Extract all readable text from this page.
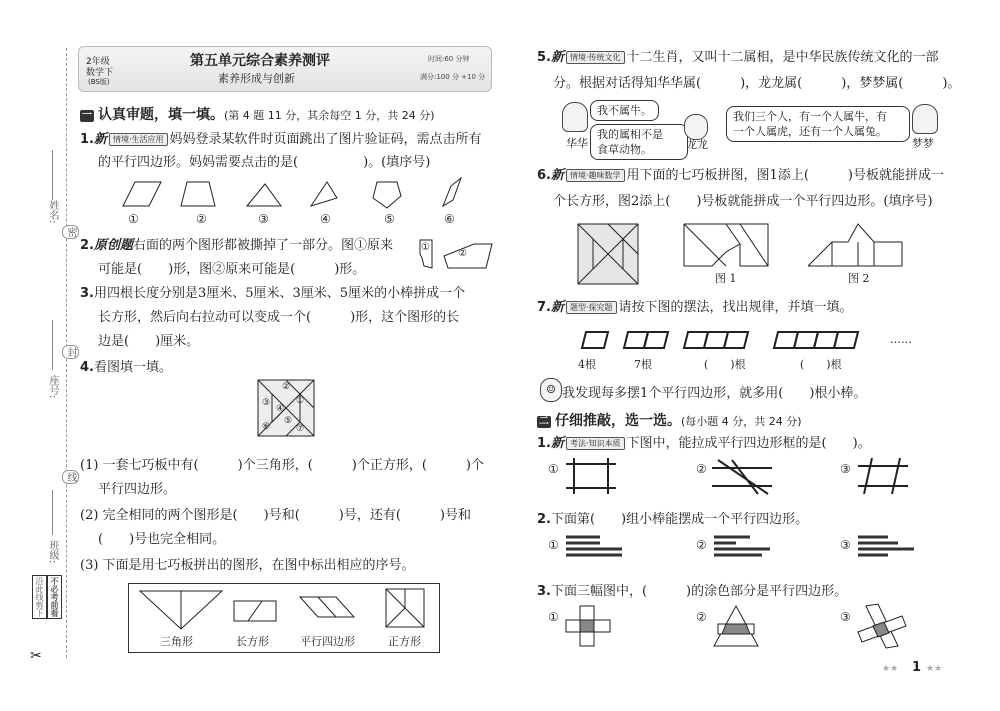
姓名:
密
封
座号:
线
班级:
沿此线剪下 不必考前看
✂
2年级
数学下
(BS版)
第五单元综合素养测评
素养形成与创新
时间:60 分钟
满分:100 分 +10 分
一 认真审题，填一填。(第 4 题 11 分，其余每空 1 分，共 24 分)
1.新 情境·生活应用 妈妈登录某软件时页面跳出了图片验证码，需点击所有
的平行四边形。妈妈需要点击的是(　　　　　)。(填序号)
①	②	③	④	⑤	⑥
2.原创题右面的两个图形都被撕掉了一部分。图①原来
可能是(　　)形，图②原来可能是(　　　)形。
①
②
3.用四根长度分别是3厘米、5厘米、3厘米、5厘米的小棒拼成一个
长方形，然后向右拉动可以变成一个(　　　)形，这个图形的长
边是(　　)厘米。
4.看图填一填。
②
③	①
④
⑤
⑥	⑦
(1) 一套七巧板中有(　　　)个三角形，(　　　)个正方形，(　　　)个
平行四边形。
(2) 完全相同的两个图形是(　　)号和(　　　)号，还有(　　　)号和
(　　)号也完全相同。
(3) 下面是用七巧板拼出的图形，在图中标出相应的序号。
三角形	长方形	平行四边形	正方形
5.新 情境·传统文化 十二生肖，又叫十二属相，是中华民族传统文化的一部
分。根据对话得知华华属(　　　)，龙龙属(　　　)，梦梦属(　　　)。
华华
我不属牛。
我的属相不是
食草动物。	龙龙
我们三个人，有一个人属牛，有
一个人属虎，还有一个人属兔。
梦梦
6.新 情境·趣味数学 用下面的七巧板拼图，图1添上(　　　)号板就能拼成一
个长方形，图2添上(　　)号板就能拼成一个平行四边形。(填序号)
图 1	图 2
7.新 题型·探究题 请按下图的摆法，找出规律，并填一填。
4根	7根	(　　)根	(　　)根
……
☺ 我发现每多摆1个平行四边形，就多用(　　)根小棒。
二 仔细推敲，选一选。(每小题 4 分，共 24 分)
1.新 考法·知识本质 下图中，能拉成平行四边形框的是(　　)。
①	②	③
2.下面第(　　)组小棒能摆成一个平行四边形。
①	②	③
3.下面三幅图中，(　　　)的涂色部分是平行四边形。
①	②	③
★★ 1 ★★
